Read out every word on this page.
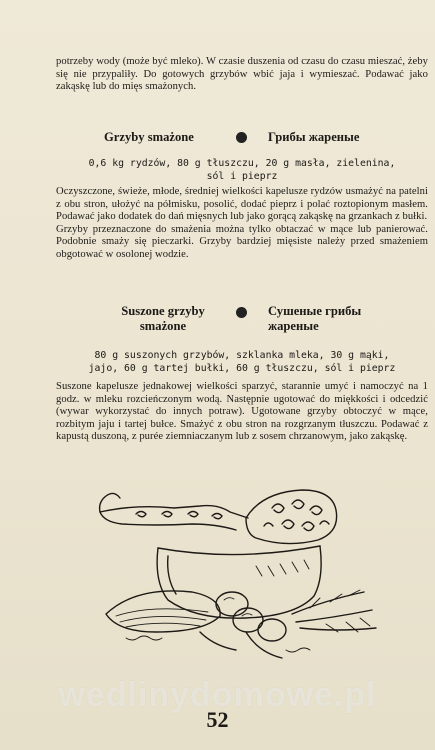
potrzeby wody (może być mleko). W czasie duszenia od czasu do czasu mieszać, żeby się nie przypaliły. Do gotowych grzybów wbić jaja i wymieszać. Podawać jako zakąskę lub do mięs smażonych.

Grzyby smażone	Грибы жареные
0,6 kg rydzów, 80 g tłuszczu, 20 g masła, zielenina,
sól i pieprz

Oczyszczone, świeże, młode, średniej wielkości kapelusze rydzów usmażyć na patelni z obu stron, ułożyć na półmisku, posolić, dodać pieprz i polać roztopionym masłem. Podawać jako dodatek do dań mięsnych lub jako gorącą zakąskę na grzankach z bułki.

Grzyby przeznaczone do smażenia można tylko obtaczać w mące lub panierować. Podobnie smaży się pieczarki. Grzyby bardziej mięsiste należy przed smażeniem obgotować w osolonej wodzie.

Suszone grzyby
smażone
Сушеные грибы
жареные
80 g suszonych grzybów, szklanka mleka, 30 g mąki,
jajo, 60 g tartej bułki, 60 g tłuszczu, sól i pieprz

Suszone kapelusze jednakowej wielkości sparzyć, starannie umyć i namoczyć na 1 godz. w mleku rozcieńczonym wodą. Następnie ugotować do miękkości i odcedzić (wywar wykorzystać do innych potraw). Ugotowane grzyby obtoczyć w mące, rozbitym jaju i tartej bułce. Smażyć z obu stron na rozgrzanym tłuszczu. Podawać z kapustą duszoną, z purée ziemniaczanym lub z sosem chrzanowym, jako zakąskę.

wedlinydomowe.pl
52
